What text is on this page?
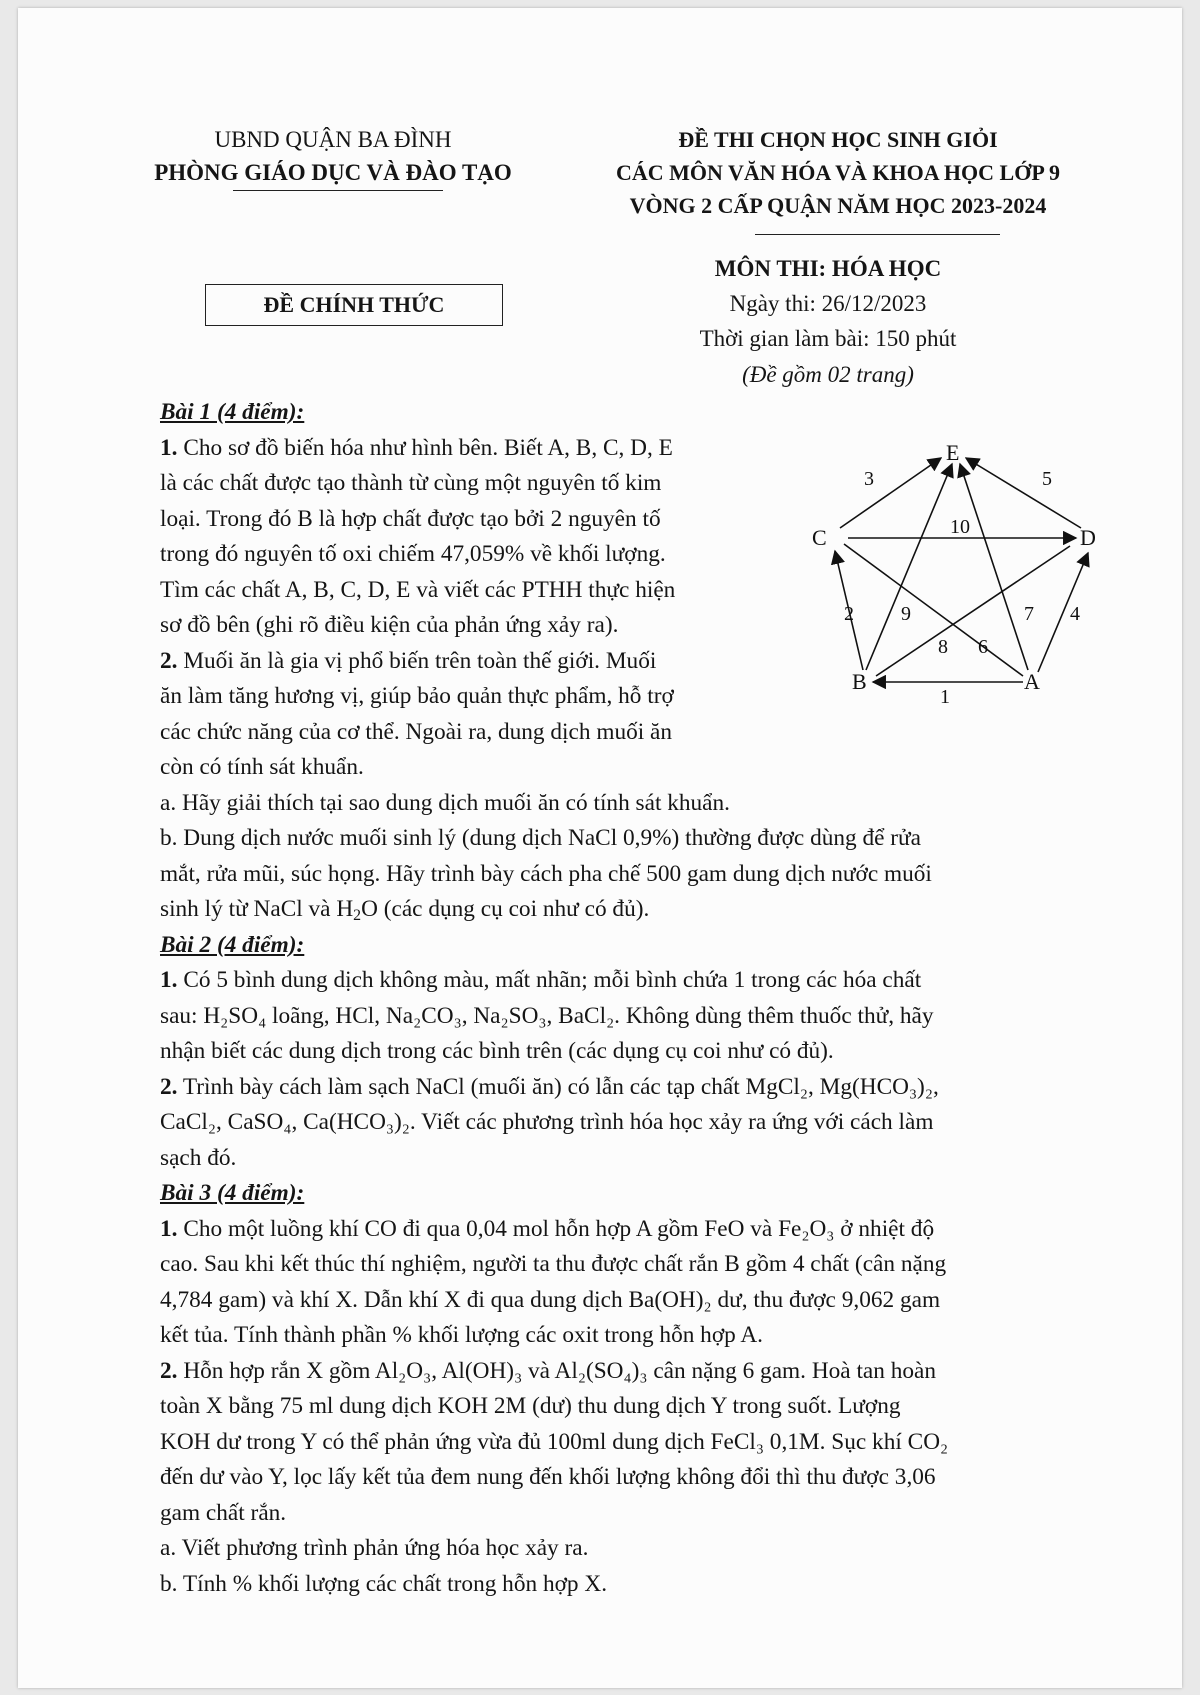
UBND QUẬN BA ĐÌNH
PHÒNG GIÁO DỤC VÀ ĐÀO TẠO
ĐỀ THI CHỌN HỌC SINH GIỎI
CÁC MÔN VĂN HÓA VÀ KHOA HỌC LỚP 9
VÒNG 2 CẤP QUẬN NĂM HỌC 2023-2024
ĐỀ CHÍNH THỨC
MÔN THI: HÓA HỌC
Ngày thi: 26/12/2023
Thời gian làm bài: 150 phút
(Đề gồm 02 trang)
E
C	D
B	A
1
2
3
4
5
6
7
8
9
10

Bài 1 (4 điểm):

1. Cho sơ đồ biến hóa như hình bên. Biết A, B, C, D, E

là các chất được tạo thành từ cùng một nguyên tố kim

loại. Trong đó B là hợp chất được tạo bởi 2 nguyên tố

trong đó nguyên tố oxi chiếm 47,059% về khối lượng.

Tìm các chất A, B, C, D, E và viết các PTHH thực hiện

sơ đồ bên (ghi rõ điều kiện của phản ứng xảy ra).

2. Muối ăn là gia vị phổ biến trên toàn thế giới. Muối

ăn làm tăng hương vị, giúp bảo quản thực phẩm, hỗ trợ

các chức năng của cơ thể. Ngoài ra, dung dịch muối ăn

còn có tính sát khuẩn.

a. Hãy giải thích tại sao dung dịch muối ăn có tính sát khuẩn.

b. Dung dịch nước muối sinh lý (dung dịch NaCl 0,9%) thường được dùng để rửa

mắt, rửa mũi, súc họng. Hãy trình bày cách pha chế 500 gam dung dịch nước muối

sinh lý từ NaCl và $H_2O$ (các dụng cụ coi như có đủ).

Bài 2 (4 điểm):

1. Có 5 bình dung dịch không màu, mất nhãn; mỗi bình chứa 1 trong các hóa chất

sau: H₂SO₄ loãng, HCl, Na₂CO₃, Na₂SO₃, BaCl₂. Không dùng thêm thuốc thử, hãy

nhận biết các dung dịch trong các bình trên (các dụng cụ coi như có đủ).

2. Trình bày cách làm sạch NaCl (muối ăn) có lẫn các tạp chất MgCl₂, Mg(HCO₃)₂,

CaCl₂, CaSO₄, Ca(HCO₃)₂. Viết các phương trình hóa học xảy ra ứng với cách làm

sạch đó.

Bài 3 (4 điểm):

1. Cho một luồng khí CO đi qua 0,04 mol hỗn hợp A gồm FeO và Fe₂O₃ ở nhiệt độ

cao. Sau khi kết thúc thí nghiệm, người ta thu được chất rắn B gồm 4 chất (cân nặng

4,784 gam) và khí X. Dẫn khí X đi qua dung dịch Ba(OH)₂ dư, thu được 9,062 gam

kết tủa. Tính thành phần % khối lượng các oxit trong hỗn hợp A.

2. Hỗn hợp rắn X gồm Al₂O₃, Al(OH)₃ và Al₂(SO₄)₃ cân nặng 6 gam. Hoà tan hoàn

toàn X bằng 75 ml dung dịch KOH 2M (dư) thu dung dịch Y trong suốt. Lượng

KOH dư trong Y có thể phản ứng vừa đủ 100ml dung dịch FeCl₃ 0,1M. Sục khí CO₂

đến dư vào Y, lọc lấy kết tủa đem nung đến khối lượng không đổi thì thu được 3,06

gam chất rắn.

a. Viết phương trình phản ứng hóa học xảy ra.

b. Tính % khối lượng các chất trong hỗn hợp X.
